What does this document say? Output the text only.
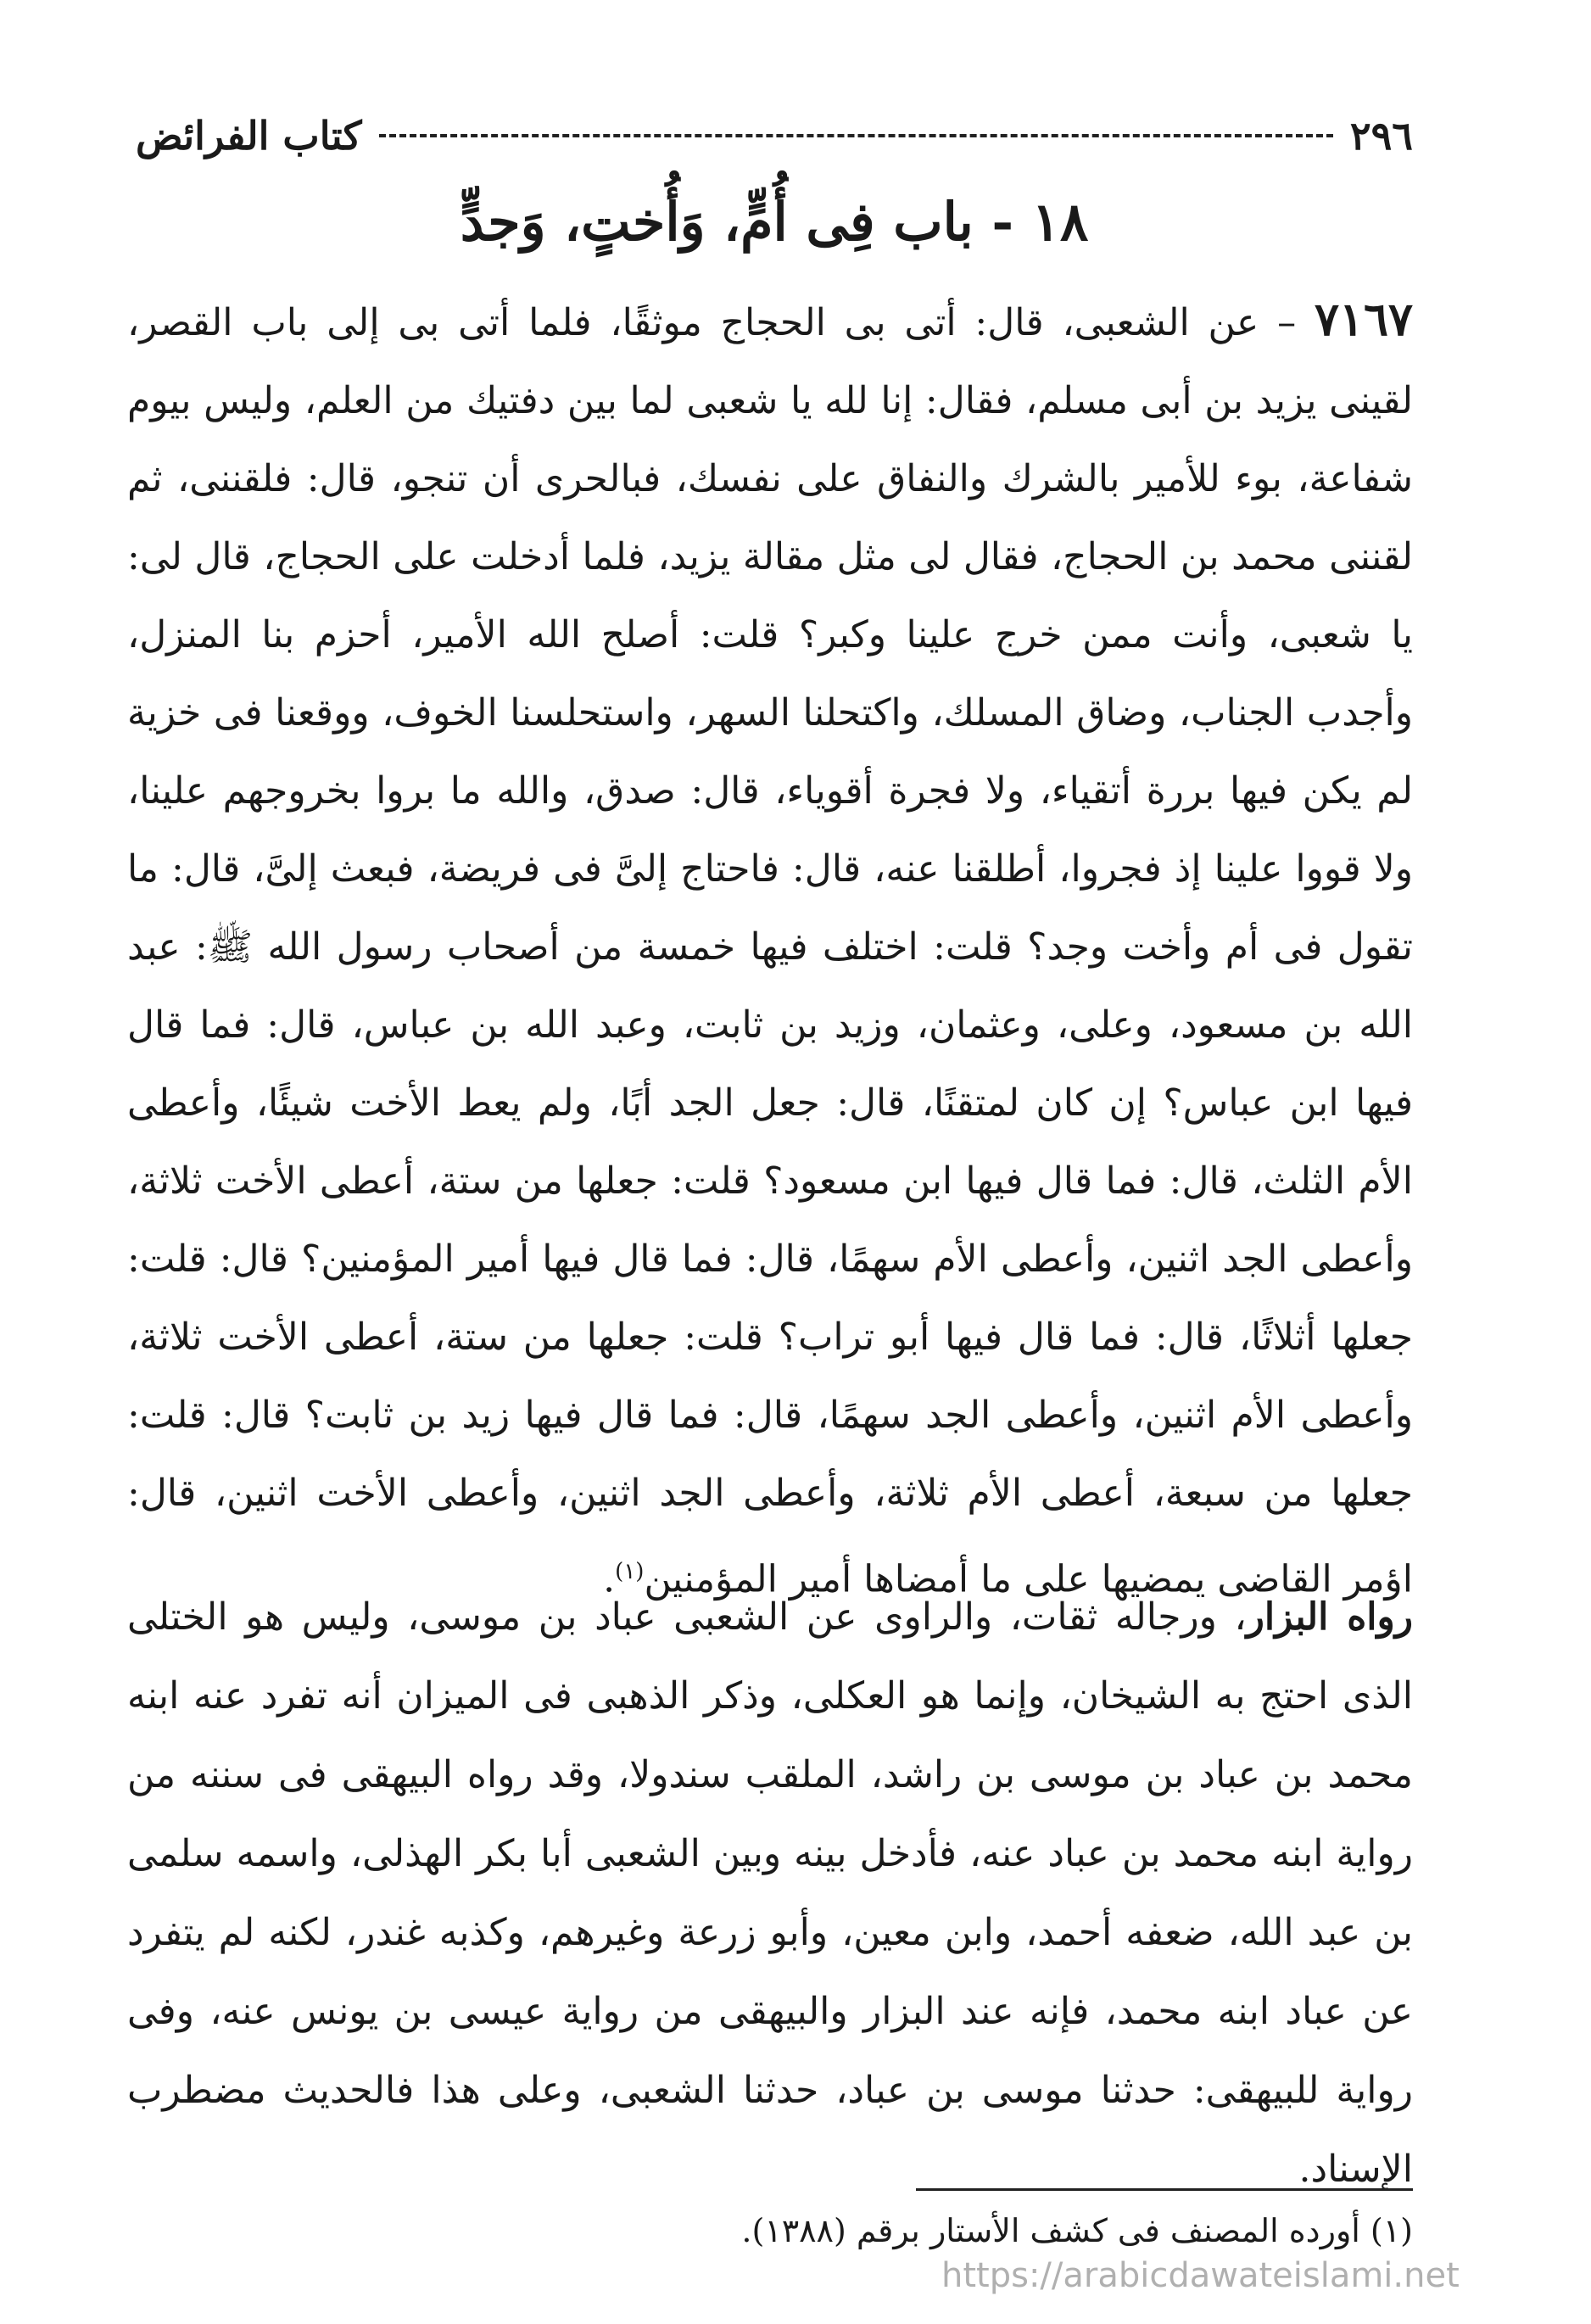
٢٩٦
كتاب الفرائض
١٨ - باب فِى أُمٍّ، وَأُختٍ، وَجدٍّ
٧١٦٧ – عن الشعبى، قال: أتى بى الحجاج موثقًا، فلما أتى بى إلى باب القصر، لقينى يزيد بن أبى مسلم، فقال: إنا لله يا شعبى لما بين دفتيك من العلم، وليس بيوم شفاعة، بوء للأمير بالشرك والنفاق على نفسك، فبالحرى أن تنجو، قال: فلقننى، ثم لقننى محمد بن الحجاج، فقال لى مثل مقالة يزيد، فلما أدخلت على الحجاج، قال لى: يا شعبى، وأنت ممن خرج علينا وكبر؟ قلت: أصلح الله الأمير، أحزم بنا المنزل، وأجدب الجناب، وضاق المسلك، واكتحلنا السهر، واستحلسنا الخوف، ووقعنا فى خزية لم يكن فيها بررة أتقياء، ولا فجرة أقوياء، قال: صدق، والله ما بروا بخروجهم علينا، ولا قووا علينا إذ فجروا، أطلقنا عنه، قال: فاحتاج إلىَّ فى فريضة، فبعث إلىَّ، قال: ما تقول فى أم وأخت وجد؟ قلت: اختلف فيها خمسة من أصحاب رسول الله ﷺ: عبد الله بن مسعود، وعلى، وعثمان، وزيد بن ثابت، وعبد الله بن عباس، قال: فما قال فيها ابن عباس؟ إن كان لمتقنًا، قال: جعل الجد أبًا، ولم يعط الأخت شيئًا، وأعطى الأم الثلث، قال: فما قال فيها ابن مسعود؟ قلت: جعلها من ستة، أعطى الأخت ثلاثة، وأعطى الجد اثنين، وأعطى الأم سهمًا، قال: فما قال فيها أمير المؤمنين؟ قال: قلت: جعلها أثلاثًا، قال: فما قال فيها أبو تراب؟ قلت: جعلها من ستة، أعطى الأخت ثلاثة، وأعطى الأم اثنين، وأعطى الجد سهمًا، قال: فما قال فيها زيد بن ثابت؟ قال: قلت: جعلها من سبعة، أعطى الأم ثلاثة، وأعطى الجد اثنين، وأعطى الأخت اثنين، قال: اؤمر القاضى يمضيها على ما أمضاها أمير المؤمنين$^{(١)}$.
رواه البزار، ورجاله ثقات، والراوى عن الشعبى عباد بن موسى، وليس هو الختلى الذى احتج به الشيخان، وإنما هو العكلى، وذكر الذهبى فى الميزان أنه تفرد عنه ابنه محمد بن عباد بن موسى بن راشد، الملقب سندولا، وقد رواه البيهقى فى سننه من رواية ابنه محمد بن عباد عنه، فأدخل بينه وبين الشعبى أبا بكر الهذلى، واسمه سلمى بن عبد الله، ضعفه أحمد، وابن معين، وأبو زرعة وغيرهم، وكذبه غندر، لكنه لم يتفرد عن عباد ابنه محمد، فإنه عند البزار والبيهقى من رواية عيسى بن يونس عنه، وفى رواية للبيهقى: حدثنا موسى بن عباد، حدثنا الشعبى، وعلى هذا فالحديث مضطرب الإسناد.
(١) أورده المصنف فى كشف الأستار برقم (١٣٨٨).
https://arabicdawateislami.net
